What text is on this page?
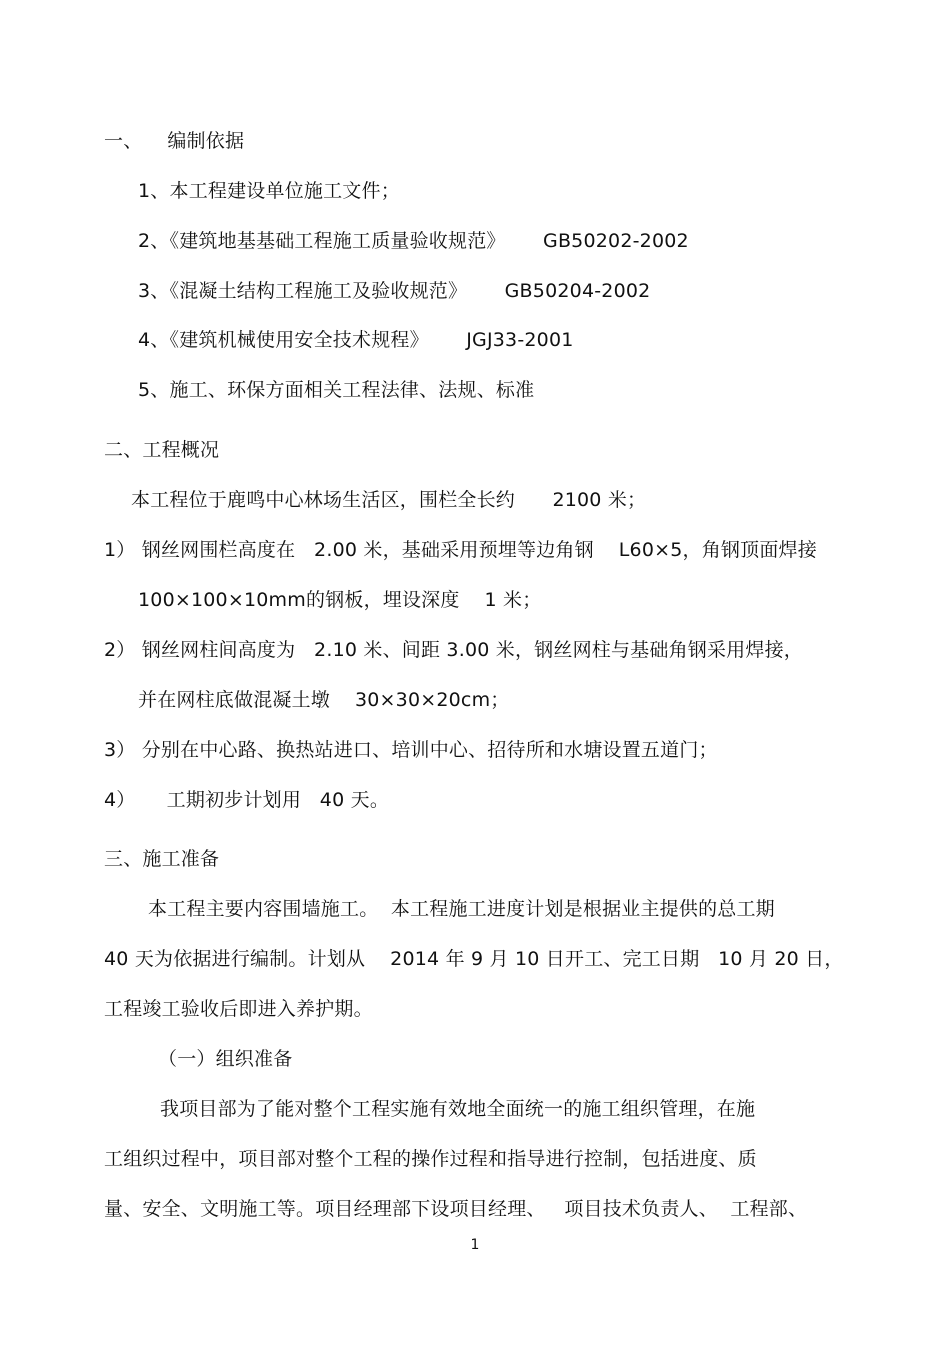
一、    编制依据
1、本工程建设单位施工文件；
2、《建筑地基基础工程施工质量验收规范》      GB50202-2002
3、《混凝土结构工程施工及验收规范》      GB50204-2002
4、《建筑机械使用安全技术规程》      JGJ33-2001
5、施工、环保方面相关工程法律、法规、标准
二、工程概况
本工程位于鹿鸣中心林场生活区，围栏全长约      2100 米；
1） 钢丝网围栏高度在   2.00 米，基础采用预埋等边角钢    L60×5，角钢顶面焊接
100×100×10mm的钢板，埋设深度    1 米；
2） 钢丝网柱间高度为   2.10 米、间距 3.00 米，钢丝网柱与基础角钢采用焊接，
并在网柱底做混凝土墩    30×30×20cm；
3） 分别在中心路、换热站进口、培训中心、招待所和水塘设置五道门；
4）     工期初步计划用   40 天。
三、施工准备
本工程主要内容围墙施工。  本工程施工进度计划是根据业主提供的总工期
40 天为依据进行编制。计划从    2014 年 9 月 10 日开工、完工日期   10 月 20 日，
工程竣工验收后即进入养护期。
（一）组织准备
我项目部为了能对整个工程实施有效地全面统一的施工组织管理，在施
工组织过程中，项目部对整个工程的操作过程和指导进行控制，包括进度、质
量、安全、文明施工等。项目经理部下设项目经理、   项目技术负责人、  工程部、
1
